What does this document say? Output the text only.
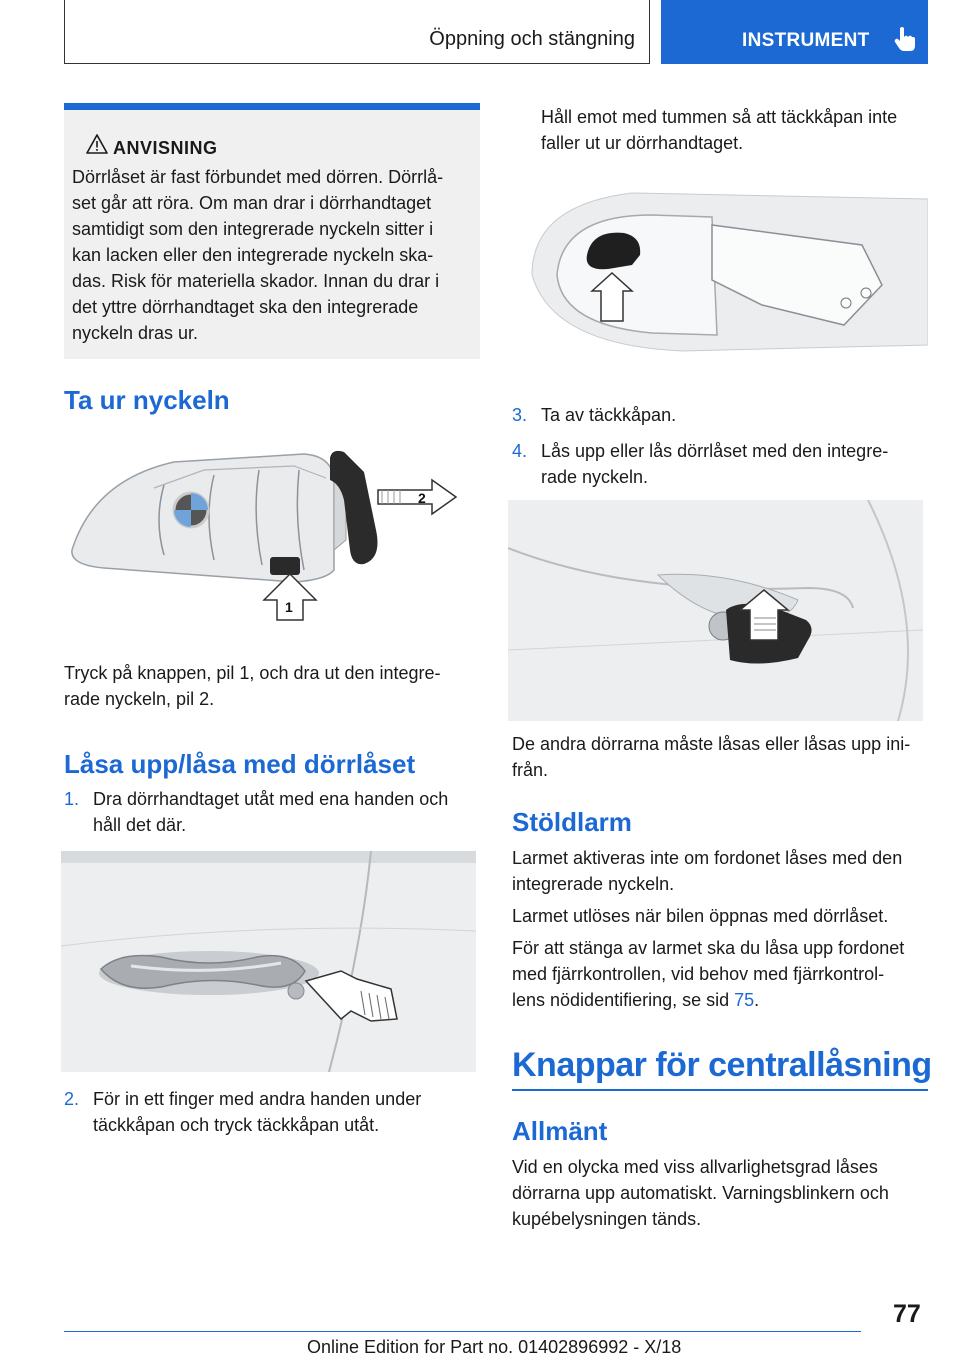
Öppning och stängning	INSTRUMENT
ANVISNING
Dörrlåset är fast förbundet med dörren. Dörrlå-
set går att röra. Om man drar i dörrhandtaget
samtidigt som den integrerade nyckeln sitter i
kan lacken eller den integrerade nyckeln ska-
das. Risk för materiella skador. Innan du drar i
det yttre dörrhandtaget ska den integrerade
nyckeln dras ur.
Ta ur nyckeln
2
1
Tryck på knappen, pil 1, och dra ut den integre-
rade nyckeln, pil 2.
Låsa upp/låsa med dörrlåset
1. Dra dörrhandtaget utåt med ena handen och
håll det där.
2. För in ett finger med andra handen under
täckkåpan och tryck täckkåpan utåt.
Håll emot med tummen så att täckkåpan inte
faller ut ur dörrhandtaget.
3. Ta av täckkåpan.
4. Lås upp eller lås dörrlåset med den integre-
rade nyckeln.
De andra dörrarna måste låsas eller låsas upp ini-
från.
Stöldlarm
Larmet aktiveras inte om fordonet låses med den
integrerade nyckeln.
Larmet utlöses när bilen öppnas med dörrlåset.
För att stänga av larmet ska du låsa upp fordonet
med fjärrkontrollen, vid behov med fjärrkontrol-
lens nödidentifiering, se sid 75.
Knappar för centrallåsning
Allmänt
Vid en olycka med viss allvarlighetsgrad låses
dörrarna upp automatiskt. Varningsblinkern och
kupébelysningen tänds.
77
Online Edition for Part no. 01402896992 - X/18
